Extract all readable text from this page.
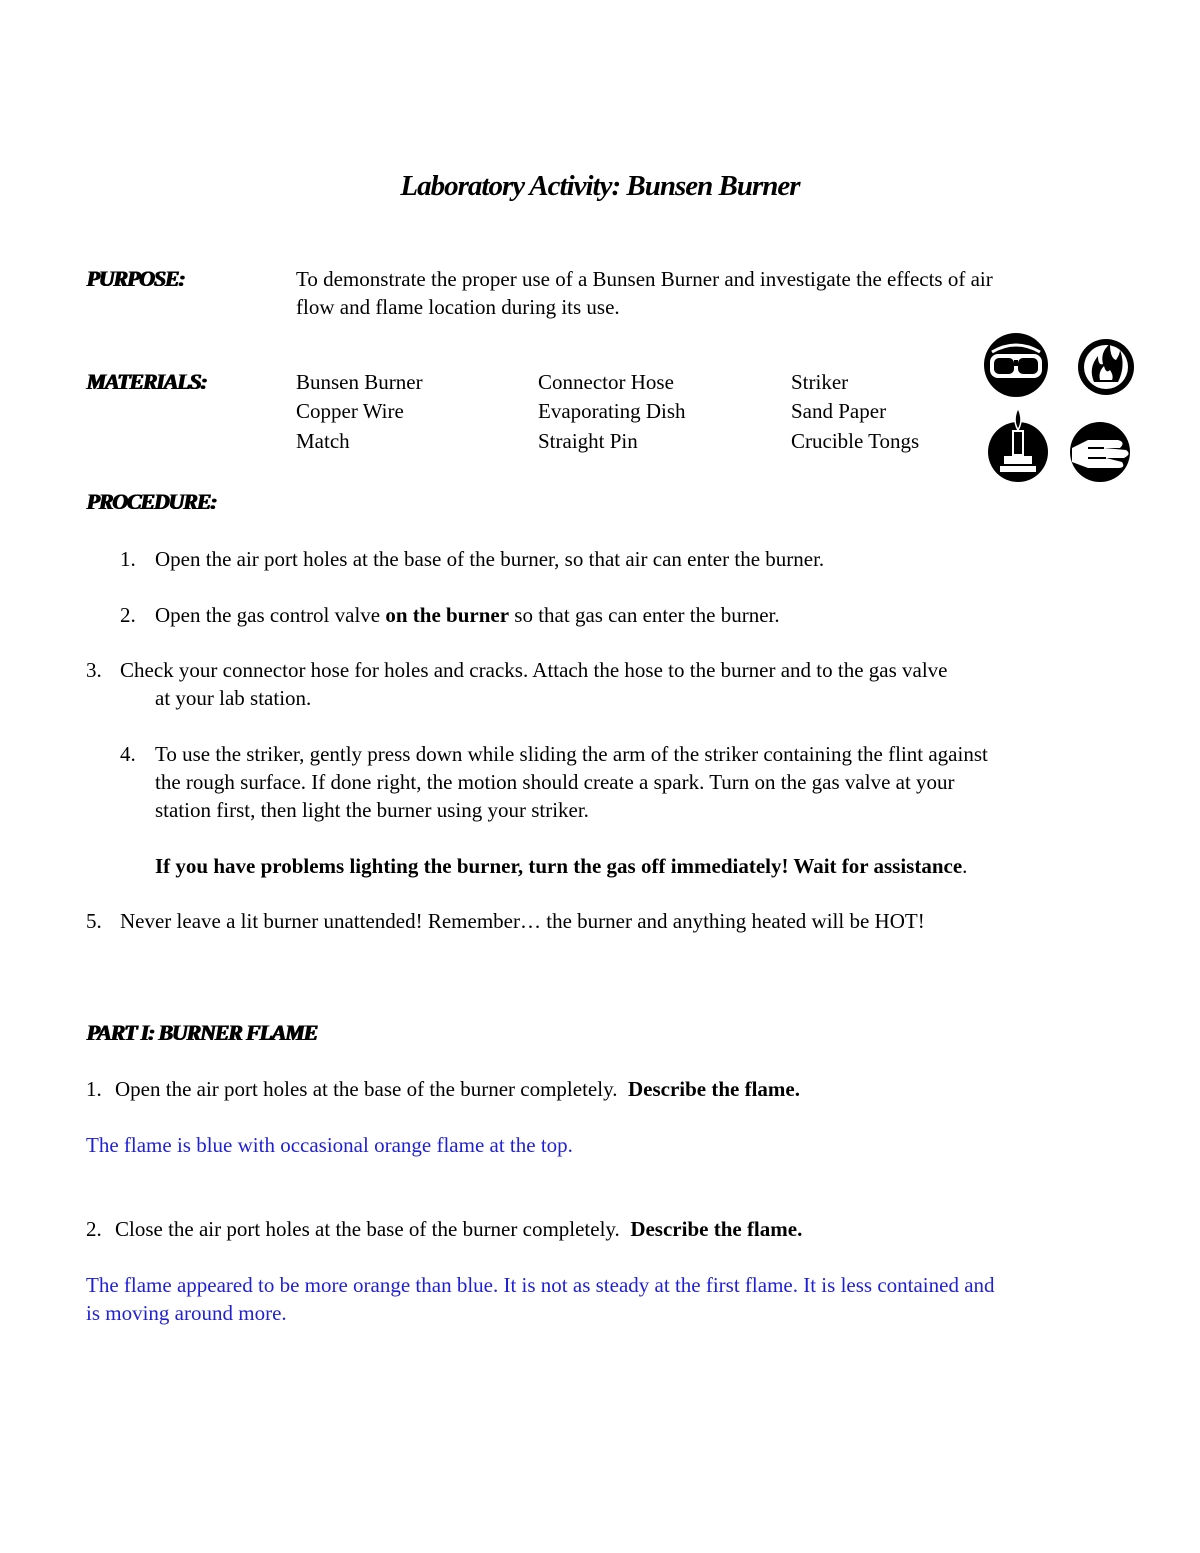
Laboratory Activity: Bunsen Burner
PURPOSE:	To demonstrate the proper use of a Bunsen Burner and investigate the effects of air
flow and flame location during its use.
MATERIALS:	Bunsen Burner
Copper Wire
Match
Connector Hose
Evaporating Dish
Straight Pin
Striker
Sand Paper
Crucible Tongs
PROCEDURE:
1. Open the air port holes at the base of the burner, so that air can enter the burner.
2. Open the gas control valve on the burner so that gas can enter the burner.
3. Check your connector hose for holes and cracks. Attach the hose to the burner and to the gas valve
at your lab station.
4. To use the striker, gently press down while sliding the arm of the striker containing the flint against
the rough surface. If done right, the motion should create a spark. Turn on the gas valve at your
station first, then light the burner using your striker.
If you have problems lighting the burner, turn the gas off immediately! Wait for assistance.
5. Never leave a lit burner unattended! Remember… the burner and anything heated will be HOT!
PART I: BURNER FLAME
1. Open the air port holes at the base of the burner completely.  Describe the flame.
The flame is blue with occasional orange flame at the top.
2. Close the air port holes at the base of the burner completely.  Describe the flame.
The flame appeared to be more orange than blue. It is not as steady at the first flame. It is less contained and
is moving around more.
